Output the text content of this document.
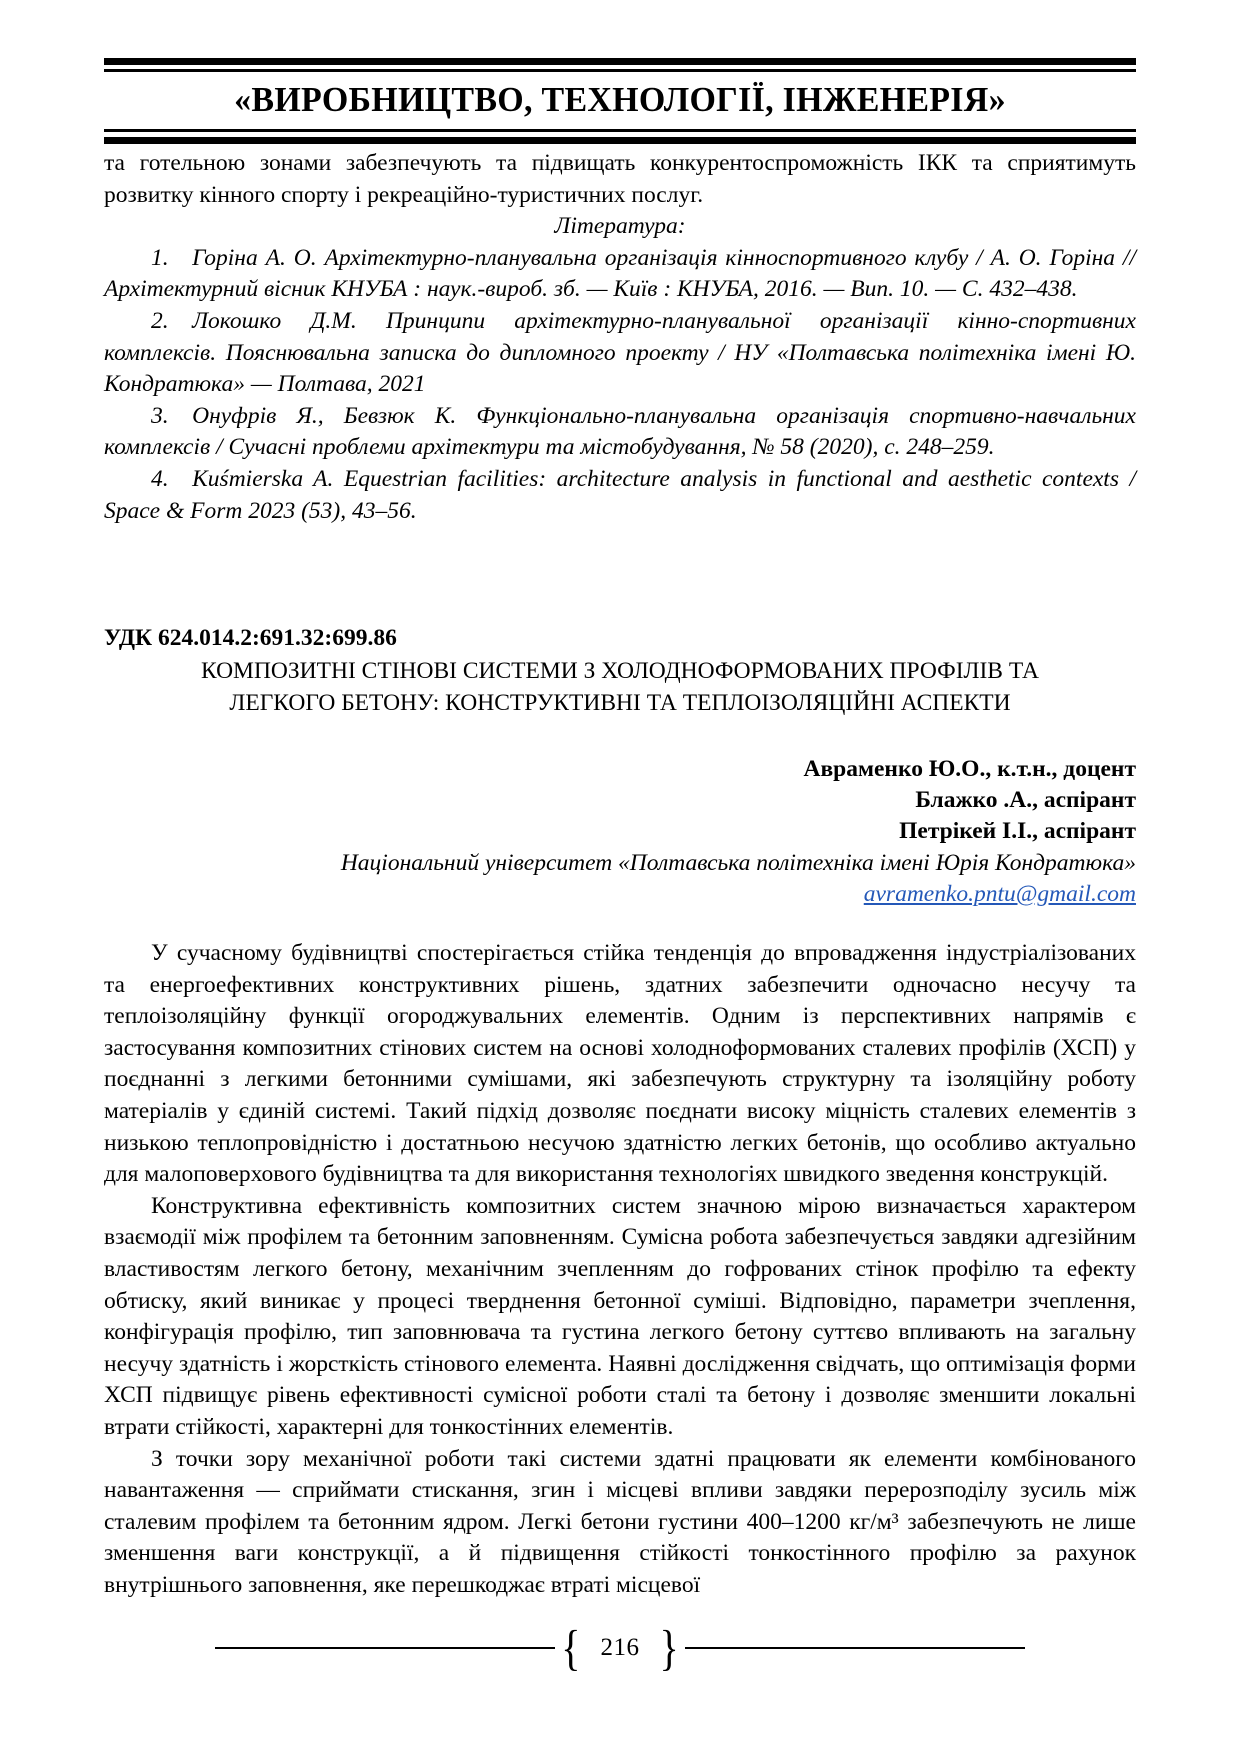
«ВИРОБНИЦТВО, ТЕХНОЛОГІЇ, ІНЖЕНЕРІЯ»

та готельною зонами забезпечують та підвищать конкурентоспроможність ІКК та сприятимуть розвитку кінного спорту і рекреаційно-туристичних послуг.

Література:
1. Горіна А. О. Архітектурно-планувальна організація кінноспортивного клубу / А. О. Горіна // Архітектурний вісник КНУБА : наук.-вироб. зб. — Київ : КНУБА, 2016. — Вип. 10. — С. 432–438.
2. Локошко Д.М. Принципи архітектурно-планувальної організації кінно-спортивних комплексів. Пояснювальна записка до дипломного проекту / НУ «Полтавська політехніка імені Ю. Кондратюка» — Полтава, 2021
3. Онуфрів Я., Бевзюк К. Функціонально-планувальна організація спортивно-навчальних комплексів / Сучасні проблеми архітектури та містобудування, № 58 (2020), с. 248–259.
4. Kuśmierska A. Equestrian facilities: architecture analysis in functional and aesthetic contexts / Space & Form 2023 (53), 43–56.
УДК 624.014.2:691.32:699.86
КОМПОЗИТНІ СТІНОВІ СИСТЕМИ З ХОЛОДНОФОРМОВАНИХ ПРОФІЛІВ ТА
ЛЕГКОГО БЕТОНУ: КОНСТРУКТИВНІ ТА ТЕПЛОІЗОЛЯЦІЙНІ АСПЕКТИ
Авраменко Ю.О., к.т.н., доцент
Блажко .А., аспірант
Петрікей І.І., аспірант
Національний університет «Полтавська політехніка імені Юрія Кондратюка»
avramenko.pntu@gmail.com

У сучасному будівництві спостерігається стійка тенденція до впровадження індустріалізованих та енергоефективних конструктивних рішень, здатних забезпечити одночасно несучу та теплоізоляційну функції огороджувальних елементів. Одним із перспективних напрямів є застосування композитних стінових систем на основі холодноформованих сталевих профілів (ХСП) у поєднанні з легкими бетонними сумішами, які забезпечують структурну та ізоляційну роботу матеріалів у єдиній системі. Такий підхід дозволяє поєднати високу міцність сталевих елементів з низькою теплопровідністю і достатньою несучою здатністю легких бетонів, що особливо актуально для малоповерхового будівництва та для використання технологіях швидкого зведення конструкцій.

Конструктивна ефективність композитних систем значною мірою визначається характером взаємодії між профілем та бетонним заповненням. Сумісна робота забезпечується завдяки адгезійним властивостям легкого бетону, механічним зчепленням до гофрованих стінок профілю та ефекту обтиску, який виникає у процесі тверднення бетонної суміші. Відповідно, параметри зчеплення, конфігурація профілю, тип заповнювача та густина легкого бетону суттєво впливають на загальну несучу здатність і жорсткість стінового елемента. Наявні дослідження свідчать, що оптимізація форми ХСП підвищує рівень ефективності сумісної роботи сталі та бетону і дозволяє зменшити локальні втрати стійкості, характерні для тонкостінних елементів.

З точки зору механічної роботи такі системи здатні працювати як елементи комбінованого навантаження — сприймати стискання, згин і місцеві впливи завдяки перерозподілу зусиль між сталевим профілем та бетонним ядром. Легкі бетони густини 400–1200 кг/м³ забезпечують не лише зменшення ваги конструкції, а й підвищення стійкості тонкостінного профілю за рахунок внутрішнього заповнення, яке перешкоджає втраті місцевої

{ 216 }
